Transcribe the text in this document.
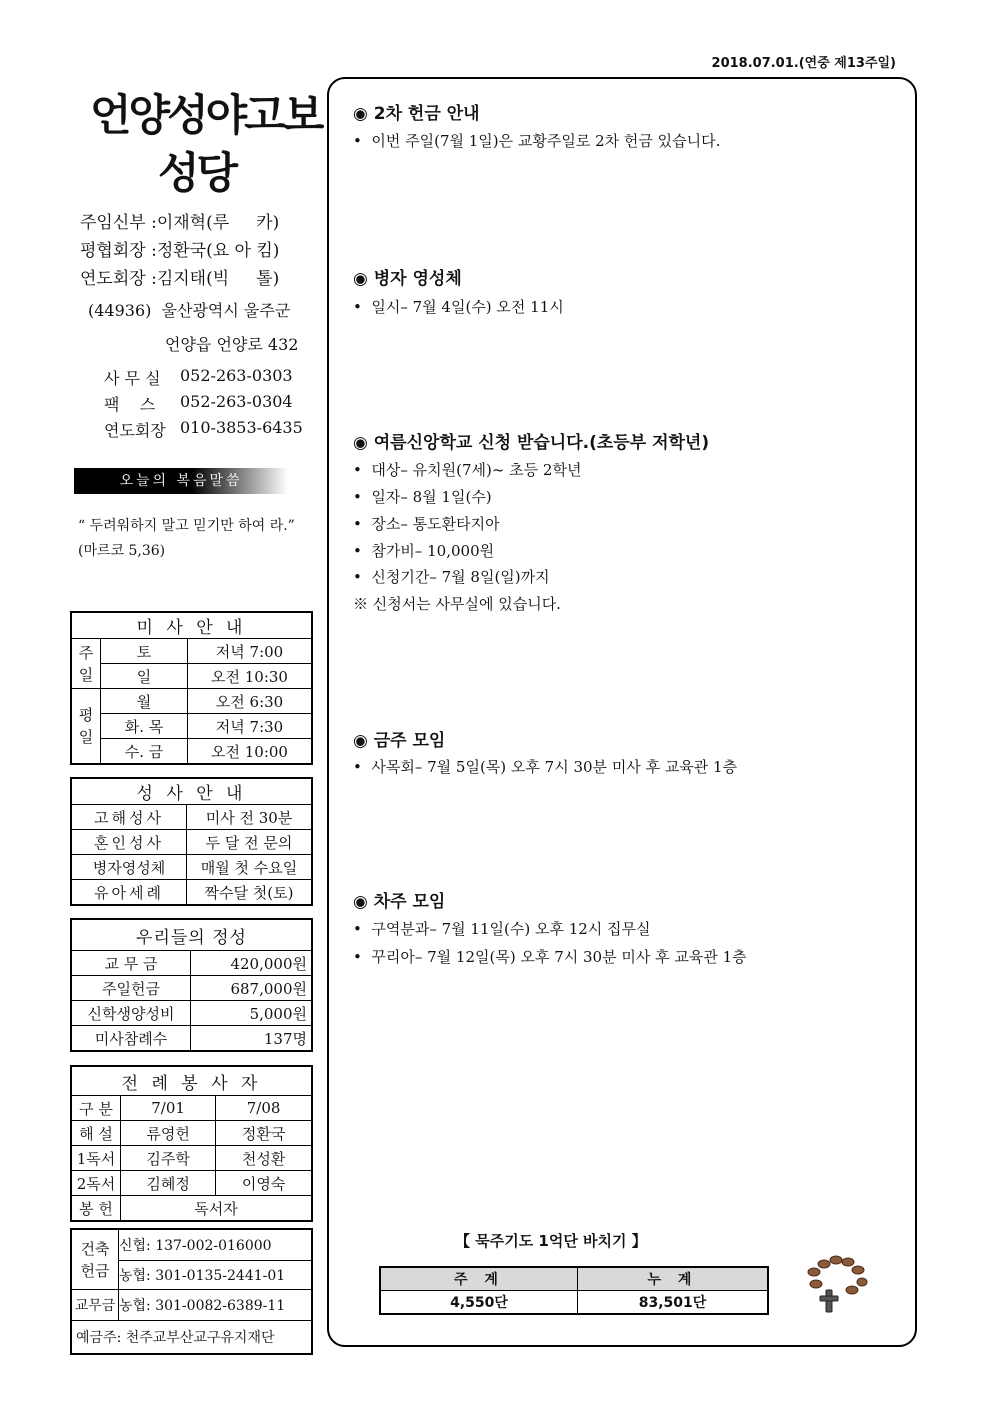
2018.07.01.(연중 제13주일)
언양성야고보
성당
주임신부 :이재혁(루     카)
평협회장 :정환국(요 아 킴)
연도회장 :김지태(빅     톨)
(44936)  울산광역시 울주군
언양읍 언양로 432
사 무 실 052-263-0303
팩    스 052-263-0304
연도회장 010-3853-6435
오늘의 복음말씀
“ 두려워하지 말고 믿기만 하여 라.” (마르코 5,36)
미 사 안 내		
주일	토	저녁 7:00
	일	오전 10:30
평일	월	오전 6:30
	화. 목	저녁 7:30
	수. 금	오전 10:00
성 사 안 내	
고해성사	미사 전 30분
혼인성사	두 달 전 문의
병자영성체	매월 첫 수요일
유아세례	짝수달 첫(토)
우리들의 정성	
교 무 금	420,000원
주일헌금	687,000원
신학생양성비	5,000원
미사참례수	137명
전 례 봉 사 자		
구 분	7/01	7/08
해 설	류영헌	정환국
1독서	김주학	천성환
2독서	김혜정	이영숙
봉 헌	독서자	
건축 헌금	신협: 137-002-016000
	농협: 301-0135-2441-01
교무금	농협: 301-0082-6389-11
예금주: 천주교부산교구유지재단	
◉ 2차 헌금 안내
•  이번 주일(7월 1일)은 교황주일로 2차 헌금 있습니다.
◉ 병자 영성체
•  일시– 7월 4일(수) 오전 11시
◉ 여름신앙학교 신청 받습니다.(초등부 저학년)
•  대상– 유치원(7세)~ 초등 2학년
•  일자– 8월 1일(수)
•  장소– 통도환타지아
•  참가비– 10,000원
•  신청기간– 7월 8일(일)까지
※ 신청서는 사무실에 있습니다.
◉ 금주 모임
•  사목회– 7월 5일(목) 오후 7시 30분 미사 후 교육관 1층
◉ 차주 모임
•  구역분과– 7월 11일(수) 오후 12시 집무실
•  꾸리아– 7월 12일(목) 오후 7시 30분 미사 후 교육관 1층
【 묵주기도 1억단 바치기 】
주 계	누 계
4,550단	83,501단
